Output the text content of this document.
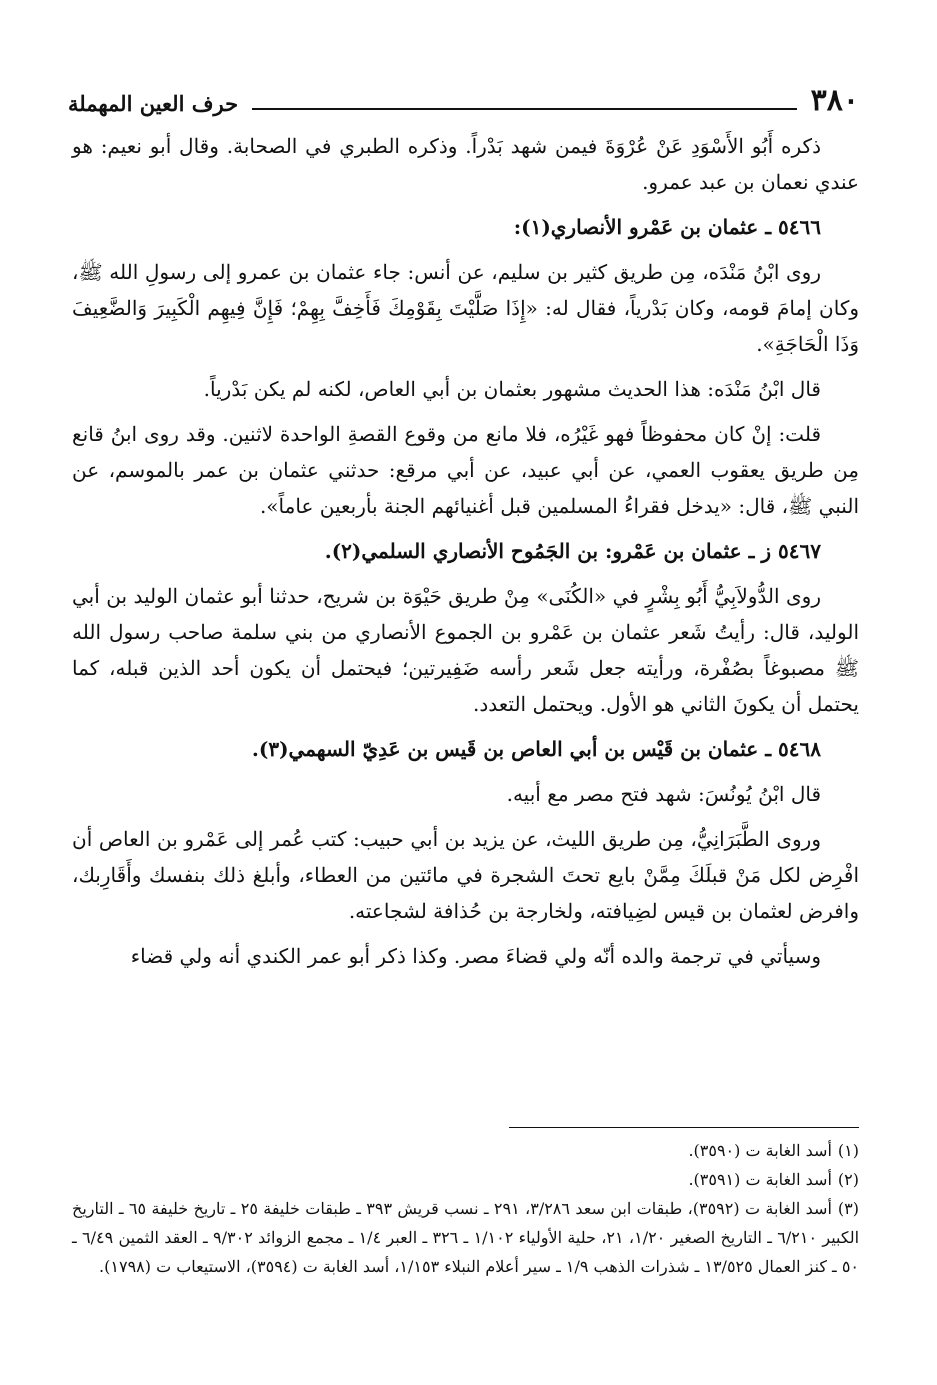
٣٨٠
حرف العين المهملة

ذكره أَبُو الأَسْوَدِ عَنْ عُرْوَةَ فيمن شهد بَدْراً. وذكره الطبري في الصحابة. وقال أبو نعيم: هو عندي نعمان بن عبد عمرو.

٥٤٦٦ ـ عثمان بن عَمْرو الأنصاري(١):

روى ابْنُ مَنْدَه، مِن طريق كثير بن سليم، عن أنس: جاء عثمان بن عمرو إلى رسولِ الله ﷺ، وكان إمامَ قومه، وكان بَدْرياً، فقال له: «إِذَا صَلَّيْتَ بِقَوْمِكَ فَأَخِفَّ بِهِمْ؛ فَإِنَّ فِيهِم الْكَبِيرَ وَالضَّعِيفَ وَذَا الْحَاجَةِ».

قال ابْنُ مَنْدَه: هذا الحديث مشهور بعثمان بن أبي العاص، لكنه لم يكن بَدْرياً.

قلت: إنْ كان محفوظاً فهو غَيْرُه، فلا مانع من وقوع القصةِ الواحدة لاثنين. وقد روى ابنُ قانع مِن طريق يعقوب العمي، عن أبي عبيد، عن أبي مرقع: حدثني عثمان بن عمر بالموسم، عن النبي ﷺ، قال: «يدخل فقراءُ المسلمين قبل أغنيائهم الجنة بأربعين عاماً».

٥٤٦٧ ز ـ عثمان بن عَمْرو: بن الجَمُوح الأنصاري السلمي(٢).

روى الدُّولاَبِيُّ أَبُو بِشْرٍ في «الكُنَى» مِنْ طريق حَيْوَة بن شريح، حدثنا أبو عثمان الوليد بن أبي الوليد، قال: رأيتُ شَعر عثمان بن عَمْرو بن الجموع الأنصاري من بني سلمة صاحب رسول الله ﷺ مصبوغاً بصُفْرة، ورأيته جعل شَعر رأسه ضَفِيرتين؛ فيحتمل أن يكون أحد الذين قبله، كما يحتمل أن يكونَ الثاني هو الأول. ويحتمل التعدد.

٥٤٦٨ ـ عثمان بن قَيْس بن أبي العاص بن قَيس بن عَدِيّ السهمي(٣).

قال ابْنُ يُونُسَ: شهد فتح مصر مع أبيه.

وروى الطَّبَرَانِيُّ، مِن طريق الليث، عن يزيد بن أبي حبيب: كتب عُمر إلى عَمْرو بن العاص أن افْرِض لكل مَنْ قبلَكَ مِمَّنْ بايع تحتَ الشجرة في مائتين من العطاء، وأبلغ ذلك بنفسك وأَقَارِبك، وافرض لعثمان بن قيس لضِيافته، ولخارجة بن حُذافة لشجاعته.

وسيأتي في ترجمة والده أنّه ولي قضاءَ مصر. وكذا ذكر أبو عمر الكندي أنه ولي قضاء

(١)أسد الغابة ت (٣٥٩٠).

(٢)أسد الغابة ت (٣٥٩١).

(٣)أسد الغابة ت (٣٥٩٢)، طبقات ابن سعد ٣/٢٨٦، ٢٩١ ـ نسب قريش ٣٩٣ ـ طبقات خليفة ٢٥ ـ تاريخ خليفة ٦٥ ـ التاريخ الكبير ٦/٢١٠ ـ التاريخ الصغير ١/٢٠، ٢١، حلية الأولياء ١/١٠٢ ـ ٣٢٦ ـ العبر ١/٤ ـ مجمع الزوائد ٩/٣٠٢ ـ العقد الثمين ٦/٤٩ ـ ٥٠ ـ كنز العمال ١٣/٥٢٥ ـ شذرات الذهب ١/٩ ـ سير أعلام النبلاء ١/١٥٣، أسد الغابة ت (٣٥٩٤)، الاستيعاب ت (١٧٩٨).
